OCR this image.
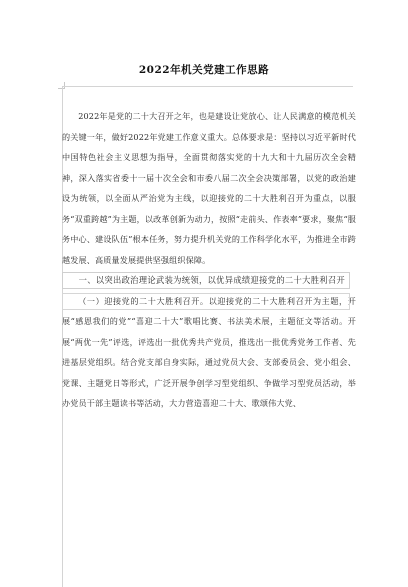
2022年机关党建工作思路

2022年是党的二十大召开之年，也是建设让党放心、让人民满意的模范机关的关键一年，做好2022年党建工作意义重大。总体要求是：坚持以习近平新时代中国特色社会主义思想为指导，全面贯彻落实党的十九大和十九届历次全会精神，深入落实省委十一届十次全会和市委八届二次全会决策部署，以党的政治建设为统领，以全面从严治党为主线，以迎接党的二十大胜利召开为重点，以服务“双重跨越”为主题，以改革创新为动力，按照“走前头、作表率”要求，聚焦“服务中心、建设队伍”根本任务，努力提升机关党的工作科学化水平，为推进全市跨越发展、高质量发展提供坚强组织保障。

一、以突出政治理论武装为统领，以优异成绩迎接党的二十大胜利召开

（一）迎接党的二十大胜利召开。以迎接党的二十大胜利召开为主题，开展“感恩我们的党”“喜迎二十大”歌唱比赛、书法美术展，主题征文等活动。开展“两优一先”评选，评选出一批优秀共产党员，推选出一批优秀党务工作者、先进基层党组织。结合党支部自身实际，通过党员大会、支部委员会、党小组会、党课、主题党日等形式，广泛开展争创学习型党组织、争做学习型党员活动，举办党员干部主题读书等活动，大力营造喜迎二十大、歌颂伟大党、
